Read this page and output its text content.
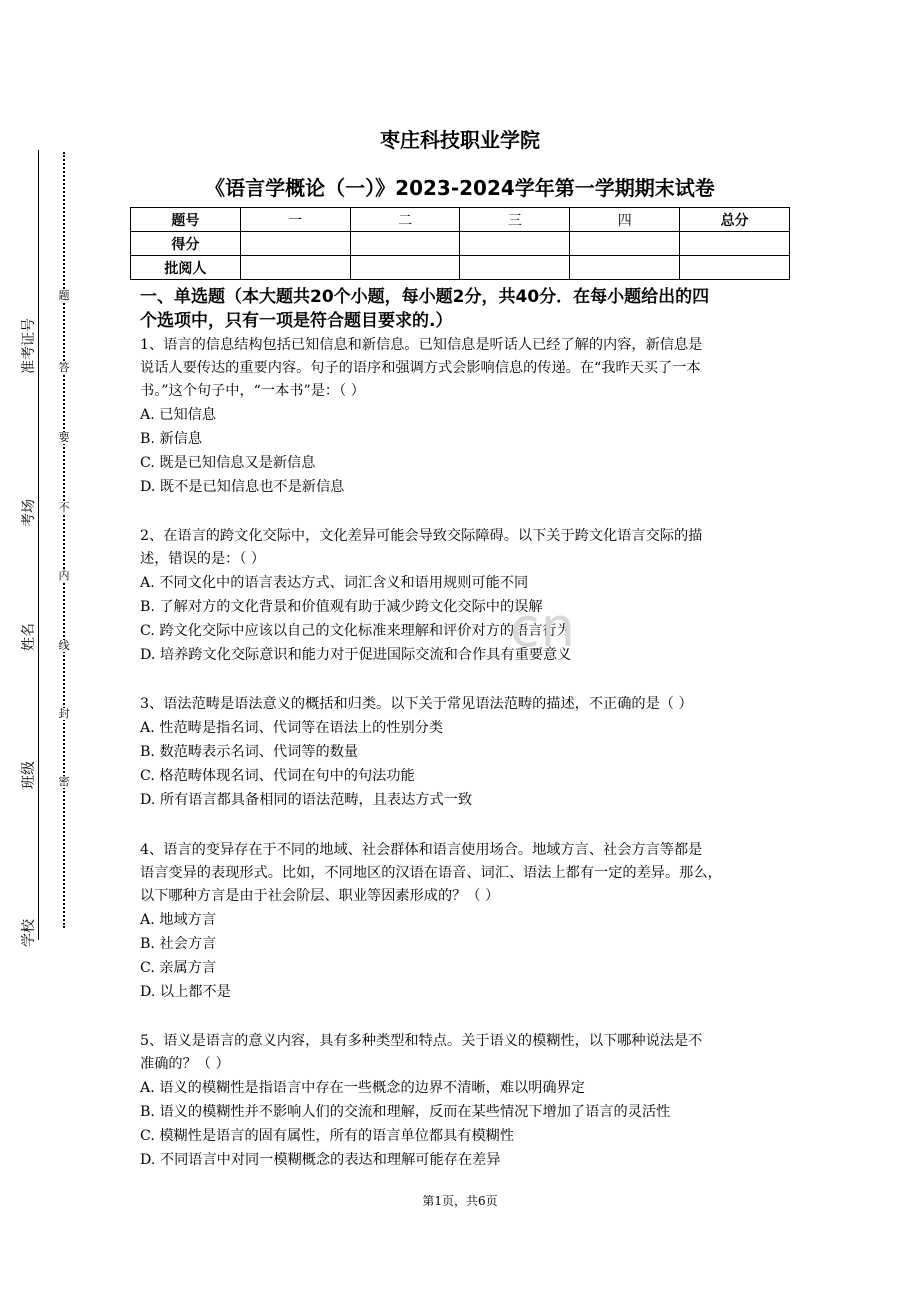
准考证号
考场
姓名
班级
学校
题
答
要
不
内
线
封
密
枣庄科技职业学院
《语言学概论（一）》2023-2024学年第一学期期末试卷
题号	一	二	三	四	总分
得分					
批阅人					
一、单选题（本大题共20个小题，每小题2分，共40分．在每小题给出的四
个选项中，只有一项是符合题目要求的.）
1、语言的信息结构包括已知信息和新信息。已知信息是听话人已经了解的内容，新信息是
说话人要传达的重要内容。句子的语序和强调方式会影响信息的传递。在“我昨天买了一本
书。”这个句子中，“一本书”是：（ ）
A. 已知信息
B. 新信息
C. 既是已知信息又是新信息
D. 既不是已知信息也不是新信息
2、在语言的跨文化交际中，文化差异可能会导致交际障碍。以下关于跨文化语言交际的描
述，错误的是：（ ）
A. 不同文化中的语言表达方式、词汇含义和语用规则可能不同
B. 了解对方的文化背景和价值观有助于减少跨文化交际中的误解
C. 跨文化交际中应该以自己的文化标准来理解和评价对方的语言行为
D. 培养跨文化交际意识和能力对于促进国际交流和合作具有重要意义
3、语法范畴是语法意义的概括和归类。以下关于常见语法范畴的描述，不正确的是（ ）
A. 性范畴是指名词、代词等在语法上的性别分类
B. 数范畴表示名词、代词等的数量
C. 格范畴体现名词、代词在句中的句法功能
D. 所有语言都具备相同的语法范畴，且表达方式一致
4、语言的变异存在于不同的地域、社会群体和语言使用场合。地域方言、社会方言等都是
语言变异的表现形式。比如，不同地区的汉语在语音、词汇、语法上都有一定的差异。那么，
以下哪种方言是由于社会阶层、职业等因素形成的？（ ）
A. 地域方言
B. 社会方言
C. 亲属方言
D. 以上都不是
5、语义是语言的意义内容，具有多种类型和特点。关于语义的模糊性，以下哪种说法是不
准确的？（ ）
A. 语义的模糊性是指语言中存在一些概念的边界不清晰，难以明确界定
B. 语义的模糊性并不影响人们的交流和理解，反而在某些情况下增加了语言的灵活性
C. 模糊性是语言的固有属性，所有的语言单位都具有模糊性
D. 不同语言中对同一模糊概念的表达和理解可能存在差异
cn
第1页，共6页
